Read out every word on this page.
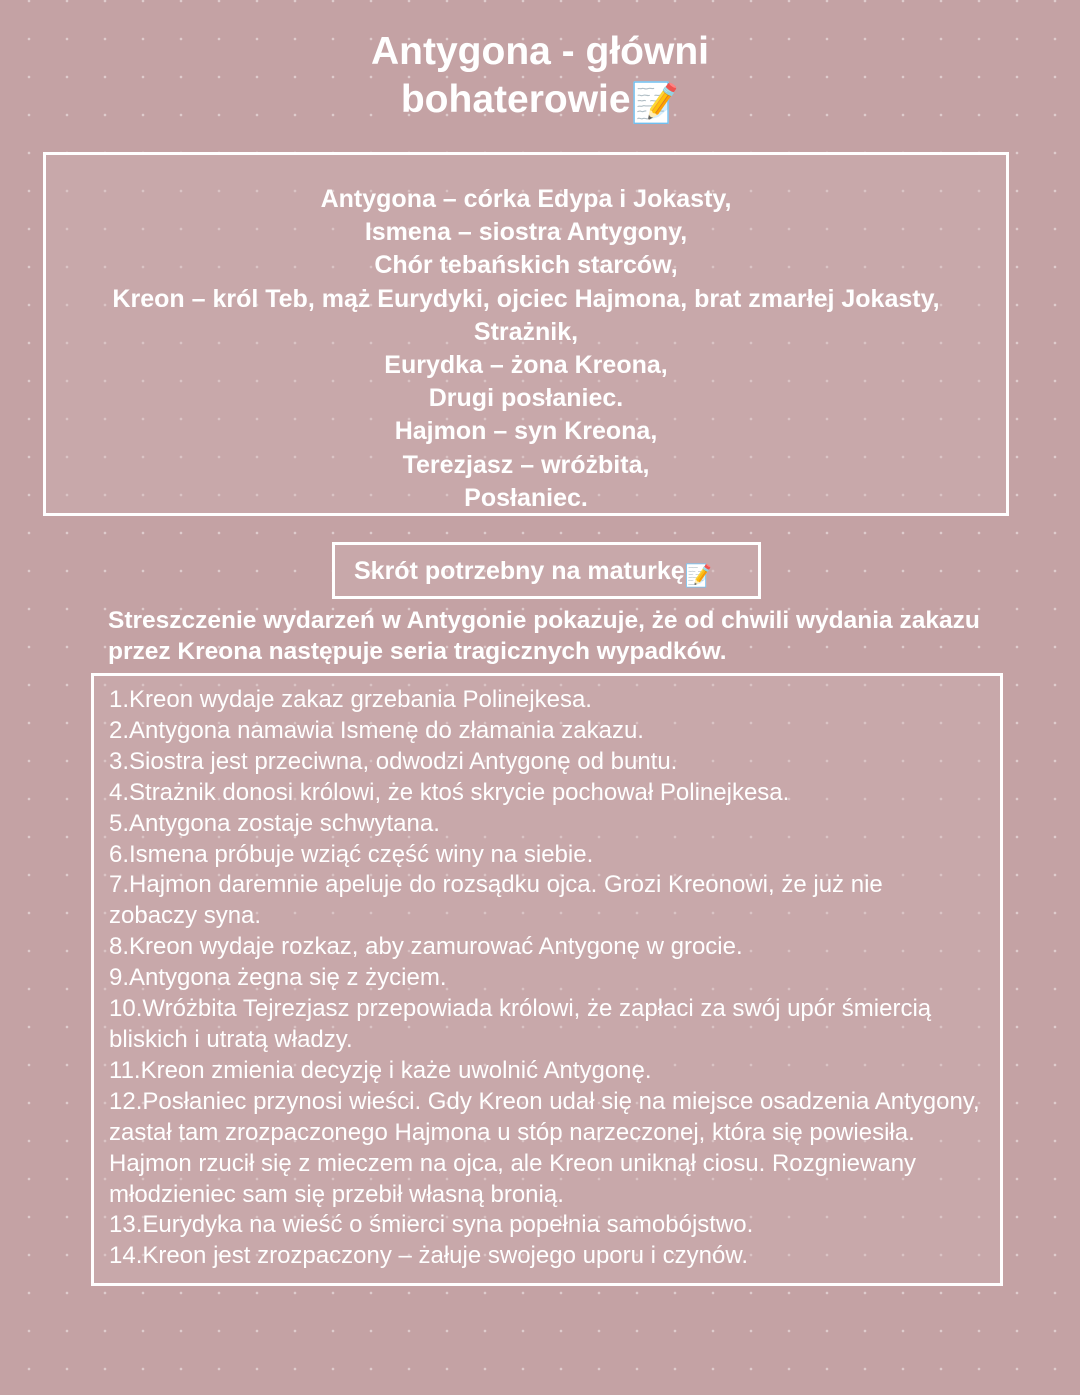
Antygona - główni
bohaterowie📝
Antygona – córka Edypa i Jokasty,
Ismena – siostra Antygony,
Chór tebańskich starców,
Kreon – król Teb, mąż Eurydyki, ojciec Hajmona, brat zmarłej Jokasty,
Strażnik,
Eurydka – żona Kreona,
Drugi posłaniec.
Hajmon – syn Kreona,
Terezjasz – wróżbita,
Posłaniec.
Skrót potrzebny na maturkę📝
Streszczenie wydarzeń w Antygonie pokazuje, że od chwili wydania zakazu przez Kreona następuje seria tragicznych wypadków.
1.Kreon wydaje zakaz grzebania Polinejkesa.
2.Antygona namawia Ismenę do złamania zakazu.
3.Siostra jest przeciwna, odwodzi Antygonę od buntu.
4.Strażnik donosi królowi, że ktoś skrycie pochował Polinejkesa.
5.Antygona zostaje schwytana.
6.Ismena próbuje wziąć część winy na siebie.
7.Hajmon daremnie apeluje do rozsądku ojca. Grozi Kreonowi, że już nie zobaczy syna.
8.Kreon wydaje rozkaz, aby zamurować Antygonę w grocie.
9.Antygona żegna się z życiem.
10.Wróżbita Tejrezjasz przepowiada królowi, że zapłaci za swój upór śmiercią bliskich i utratą władzy.
11.Kreon zmienia decyzję i każe uwolnić Antygonę.
12.Posłaniec przynosi wieści. Gdy Kreon udał się na miejsce osadzenia Antygony, zastał tam zrozpaczonego Hajmona u stóp narzeczonej, która się powiesiła. Hajmon rzucił się z mieczem na ojca, ale Kreon uniknął ciosu. Rozgniewany młodzieniec sam się przebił własną bronią.
13.Eurydyka na wieść o śmierci syna popełnia samobójstwo.
14.Kreon jest zrozpaczony – żałuje swojego uporu i czynów.
